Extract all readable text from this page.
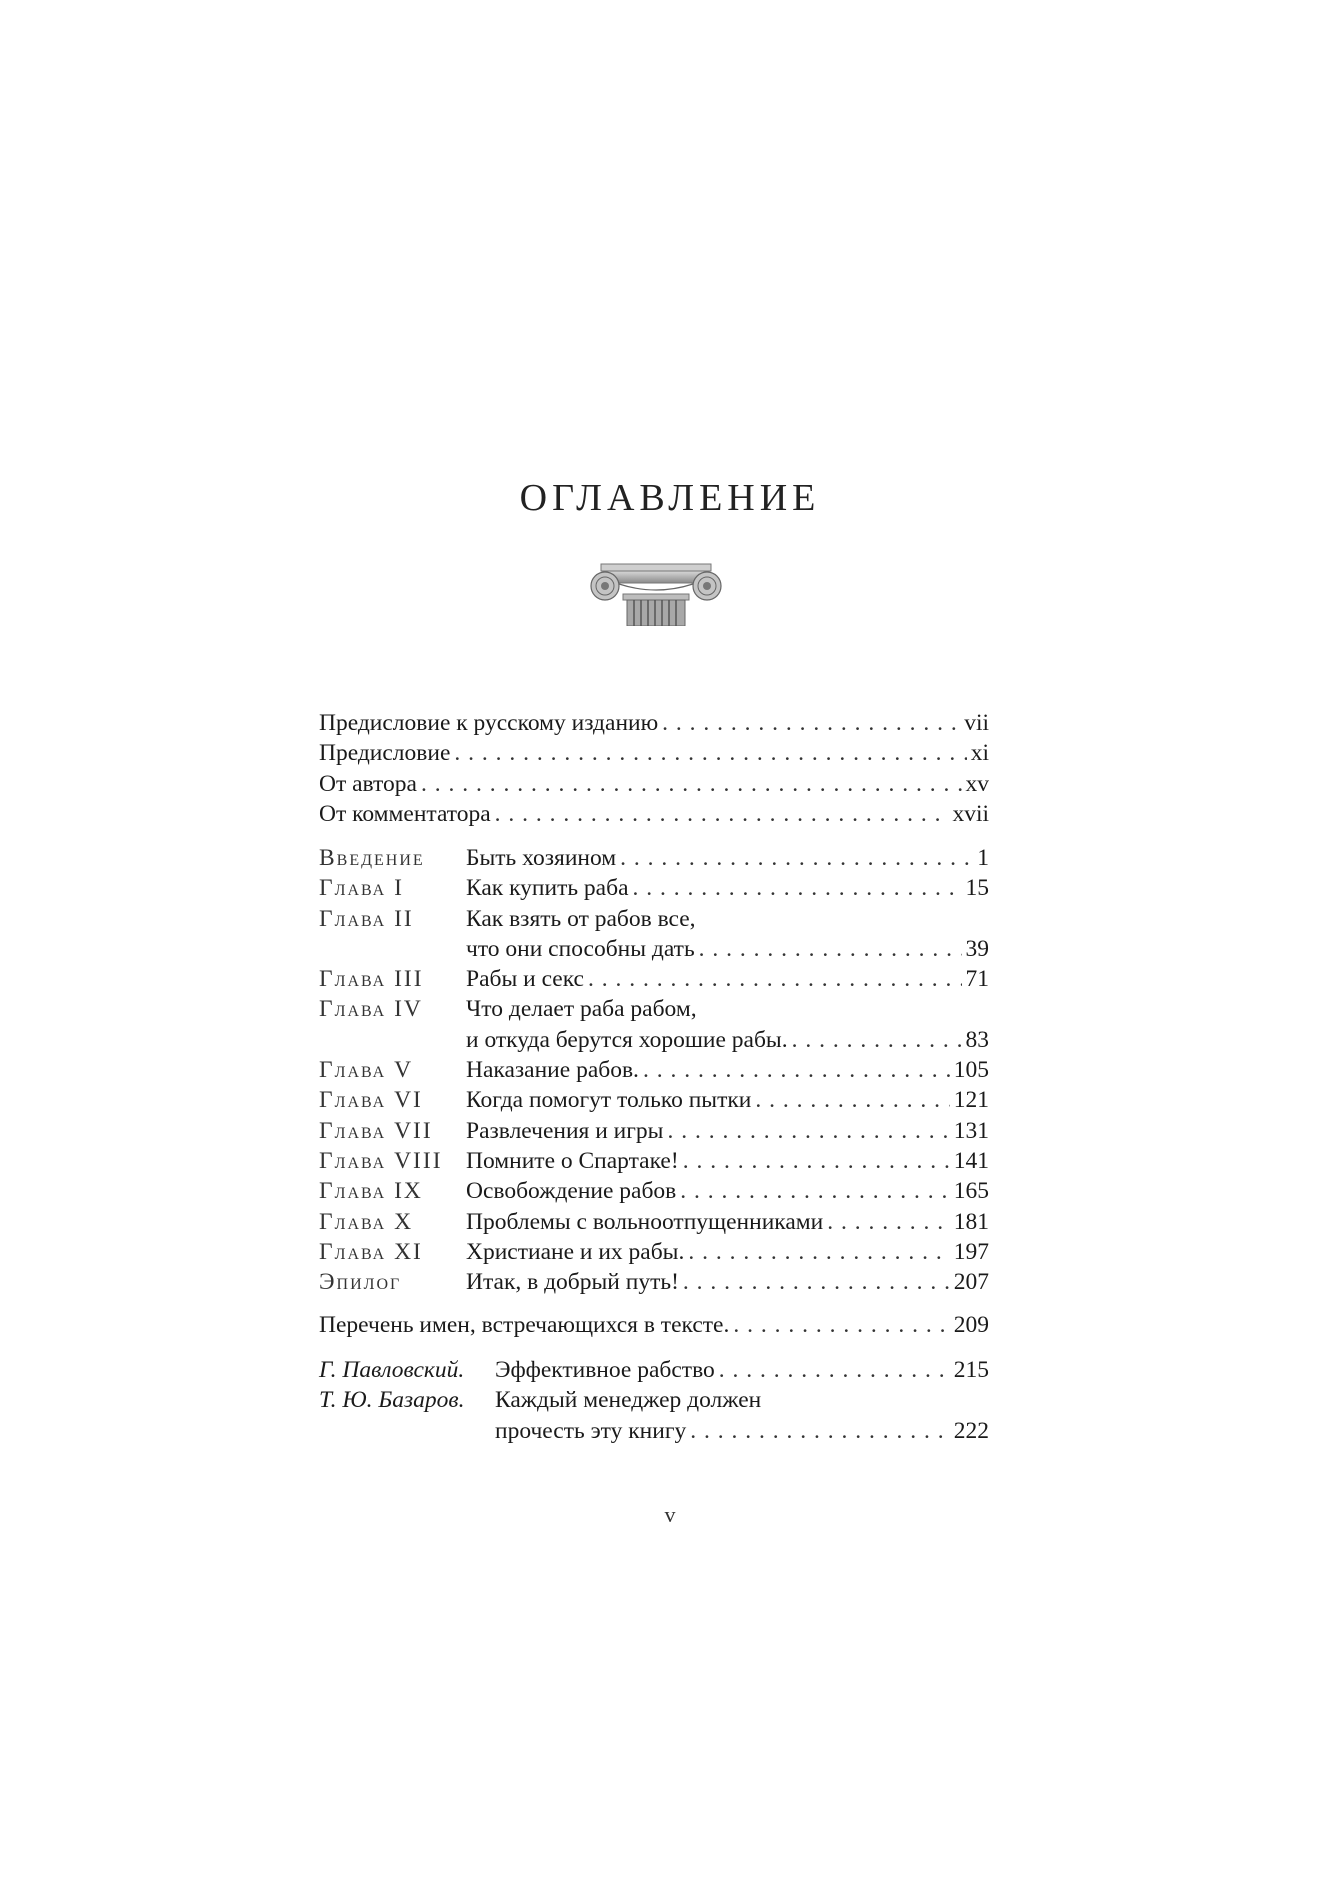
ОГЛАВЛЕНИЕ
Предисловие к русскому изданию . . .	vii
Предисловие . . .	xi
От автора . . .	xv
От комментатора . . .	xvii
Введение	Быть хозяином . . .	1
Глава I	Как купить раба . . .	15
Глава II	Как взять от рабов все,
что они способны дать . . .	39
Глава III	Рабы и секс . . .	71
Глава IV	Что делает раба рабом,
и откуда берутся хорошие рабы. . . .	83
Глава V	Наказание рабов. . . .	105
Глава VI	Когда помогут только пытки . . .	121
Глава VII	Развлечения и игры . . .	131
Глава VIII Помните о Спартаке! . . .	141
Глава IX	Освобождение рабов . . .	165
Глава X	Проблемы с вольноотпущенниками . . .	181
Глава XI	Христиане и их рабы. . . .	197
Эпилог	Итак, в добрый путь! . . .	207
Перечень имен, встречающихся в тексте. . . .	209
Г. Павловский.	Эффективное рабство . . .	215
Т. Ю. Базаров.	Каждый менеджер должен
прочесть эту книгу . . .	222
v
